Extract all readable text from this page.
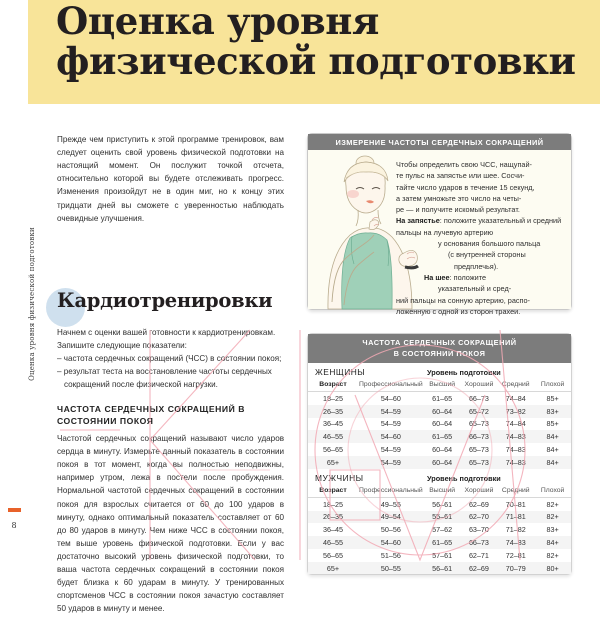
Оценка уровня
физической подготовки
Оценка уровня физической подготовки
8

Прежде чем приступить к этой программе тренировок, вам следует оценить свой уровень физической подготовки на настоящий момент. Он послужит точкой отсчета, относительно которой вы будете отслеживать прогресс. Изменения произойдут не в один миг, но к концу этих тридцати дней вы сможете с уверенностью наблюдать очевидные улучшения.

Кардиотренировки

Начнем с оценки вашей готовности к кардиотренировкам. Запишите следующие показатели:

– частота сердечных сокращений (ЧСС) в состоянии покоя;

– результат теста на восстановление частоты сердечных сокращений после физической нагрузки.

ЧАСТОТА СЕРДЕЧНЫХ СОКРАЩЕНИЙ В СОСТОЯНИИ ПОКОЯ

Частотой сердечных сокращений называют число ударов сердца в минуту. Измерьте данный показатель в состоянии покоя в тот момент, когда вы полностью неподвижны, например утром, лежа в постели после пробуждения. Нормальной частотой сердечных сокращений в состоянии покоя для взрослых считается от 60 до 100 ударов в минуту, однако оптимальный показатель составляет от 60 до 80 ударов в минуту. Чем ниже ЧСС в состоянии покоя, тем выше уровень физической подготовки. Если у вас достаточно высокий уровень физической подготовки, то ваша частота сердечных сокращений в состоянии покоя будет близка к 60 ударам в минуту. У тренированных спортсменов ЧСС в состоянии покоя зачастую составляет 50 ударов в минуту и менее.

ИЗМЕРЕНИЕ ЧАСТОТЫ СЕРДЕЧНЫХ СОКРАЩЕНИЙ

Чтобы определить свою ЧСС, нащупай-

те пульс на запястье или шее. Сосчи-

тайте число ударов в течение 15 секунд,

а затем умножьте это число на четы-

ре — и получите искомый результат.

На запястье: положите указательный и средний пальцы на лучевую артерию

у основания большого пальца

(с внутренней стороны

предплечья).

На шее: положите

указательный и сред-

ний пальцы на сонную артерию, распо-

ложенную с одной из сторон трахеи.

ЧАСТОТА СЕРДЕЧНЫХ СОКРАЩЕНИЙ
В СОСТОЯНИИ ПОКОЯ
ЖЕНЩИНЫ	Уровень подготовки
Возраст	Профессиональный	Высший	Хороший	Средний	Плохой
18–25	54–60	61–65	66–73	74–84	85+
26–35	54–59	60–64	65–72	73–82	83+
36–45	54–59	60–64	65–73	74–84	85+
46–55	54–60	61–65	66–73	74–83	84+
56–65	54–59	60–64	65–73	74–83	84+
65+	54–59	60–64	65–73	74–83	84+
МУЖЧИНЫ	Уровень подготовки
Возраст	Профессиональный	Высший	Хороший	Средний	Плохой
18–25	49–55	56–61	62–69	70–81	82+
26–35	49–54	55–61	62–70	71–81	82+
36–45	50–56	57–62	63–70	71–82	83+
46–55	54–60	61–65	66–73	74–83	84+
56–65	51–56	57–61	62–71	72–81	82+
65+	50–55	56–61	62–69	70–79	80+
